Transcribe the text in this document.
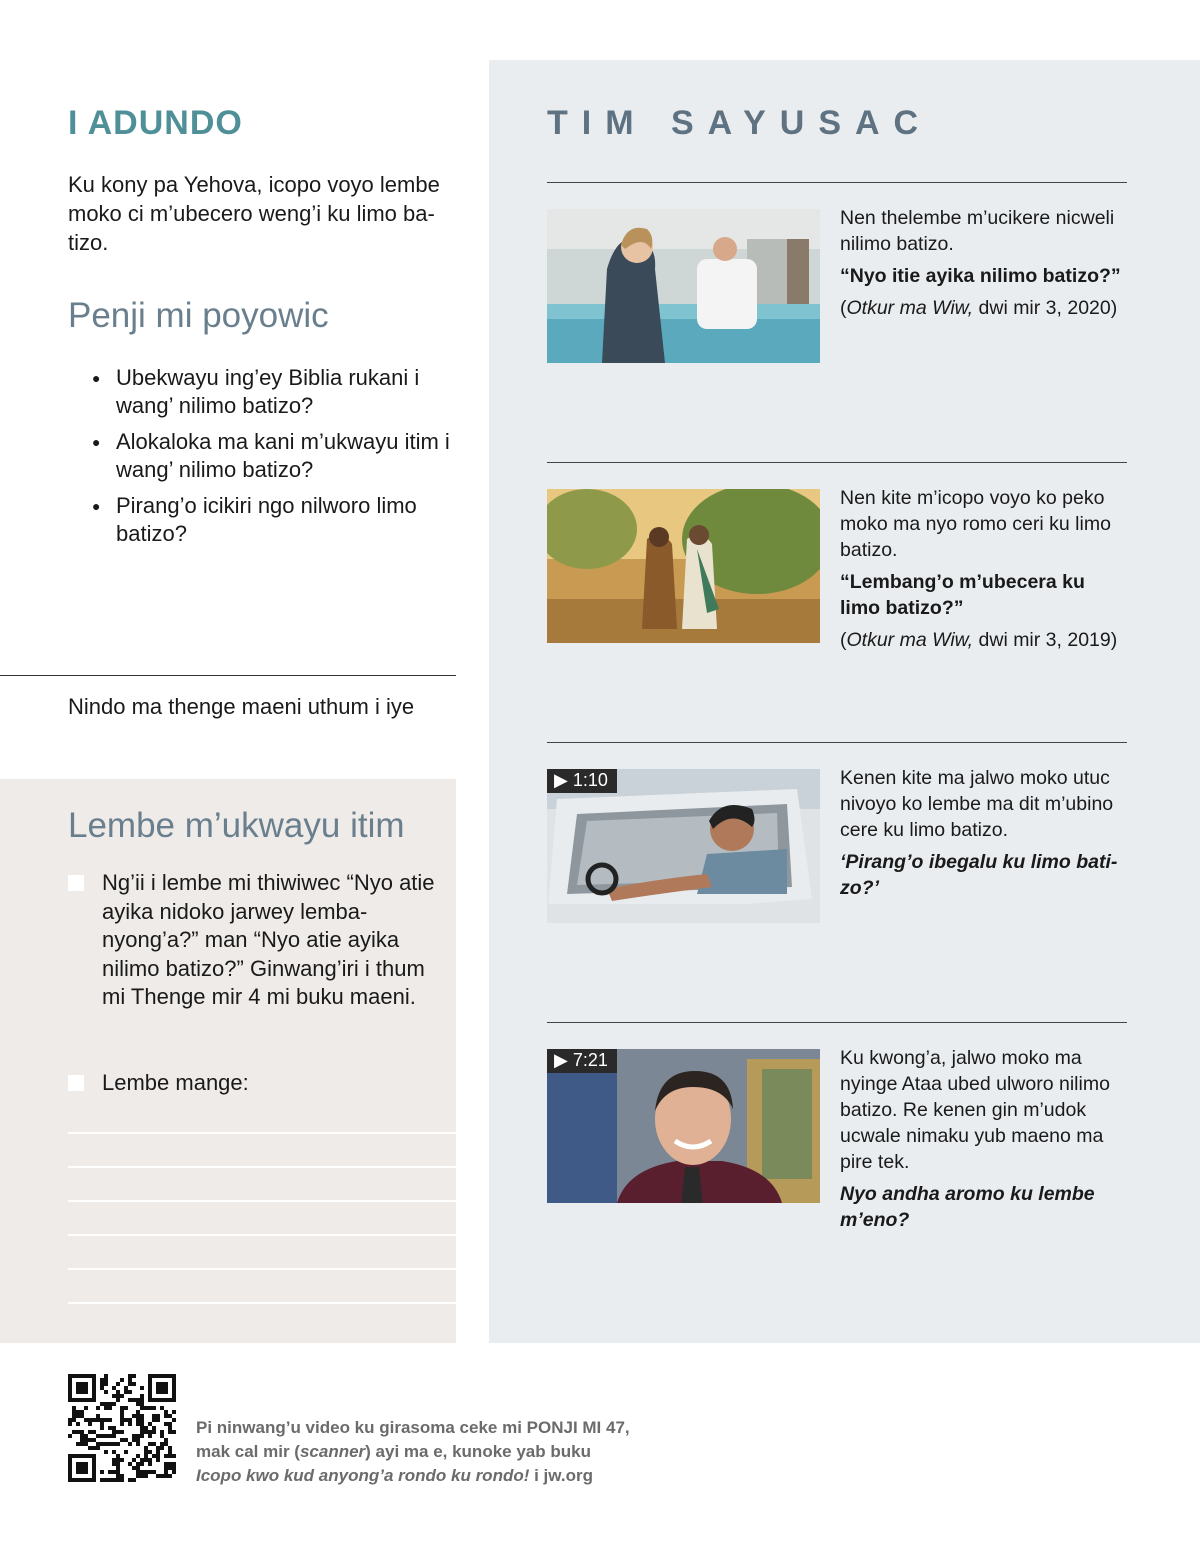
I ADUNDO

Ku kony pa Yehova, icopo voyo lembe moko ci m’ubecero weng’i ku limo batizo.

Penji mi poyowic
● Ubekwayu ing’ey Biblia rukani i wang’ nilimo batizo?
● Alokaloka ma kani m’ukwayu itim i wang’ nilimo batizo?
● Pirang’o icikiri ngo nilworo limo batizo?

Nindo ma thenge maeni uthum i iye

Lembe m’ukwayu itim
Ng’ii i lembe mi thiwiwec “Nyo atie ayika nidoko jarwey lembanyong’a?” man “Nyo atie ayika nilimo batizo?” Ginwang’iri i thum mi Thenge mir 4 mi buku maeni.
Lembe mange:
TIM SAYUSAC

Nen thelembe m’ucikere nicweli nilimo batizo.

“Nyo itie ayika nilimo batizo?”

(Otkur ma Wiw, dwi mir 3, 2020)

Nen kite m’icopo voyo ko peko moko ma nyo romo ceri ku limo batizo.

“Lembang’o m’ubecera ku limo batizo?”

(Otkur ma Wiw, dwi mir 3, 2019)

▶ 1:10	Kenen kite ma jalwo moko utuc nivoyo ko lembe ma dit m’ubino cere ku limo batizo.

‘Pirang’o ibegalu ku limo batizo?’

▶ 7:21	Ku kwong’a, jalwo moko ma nyinge Ataa ubed ulworo nilimo batizo. Re kenen gin m’udok ucwale nimaku yub maeno ma pire tek.

Nyo andha aromo ku lembe m’eno?

Pi ninwang’u video ku girasoma ceke mi PONJI MI 47,
mak cal mir (scanner) ayi ma e, kunoke yab buku
Icopo kwo kud anyong’a rondo ku rondo! i jw.org
